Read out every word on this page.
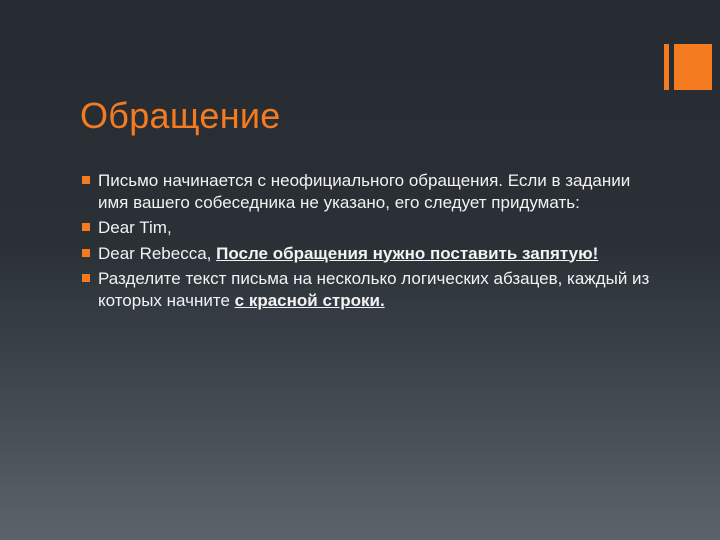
Обращение
Письмо начинается с неофициального обращения. Если в задании имя вашего собеседника не указано, его следует придумать:
Dear Tim,
Dear Rebecca, После обращения нужно поставить запятую!
Разделите текст письма на несколько логических абзацев, каждый из которых начните с красной строки.
